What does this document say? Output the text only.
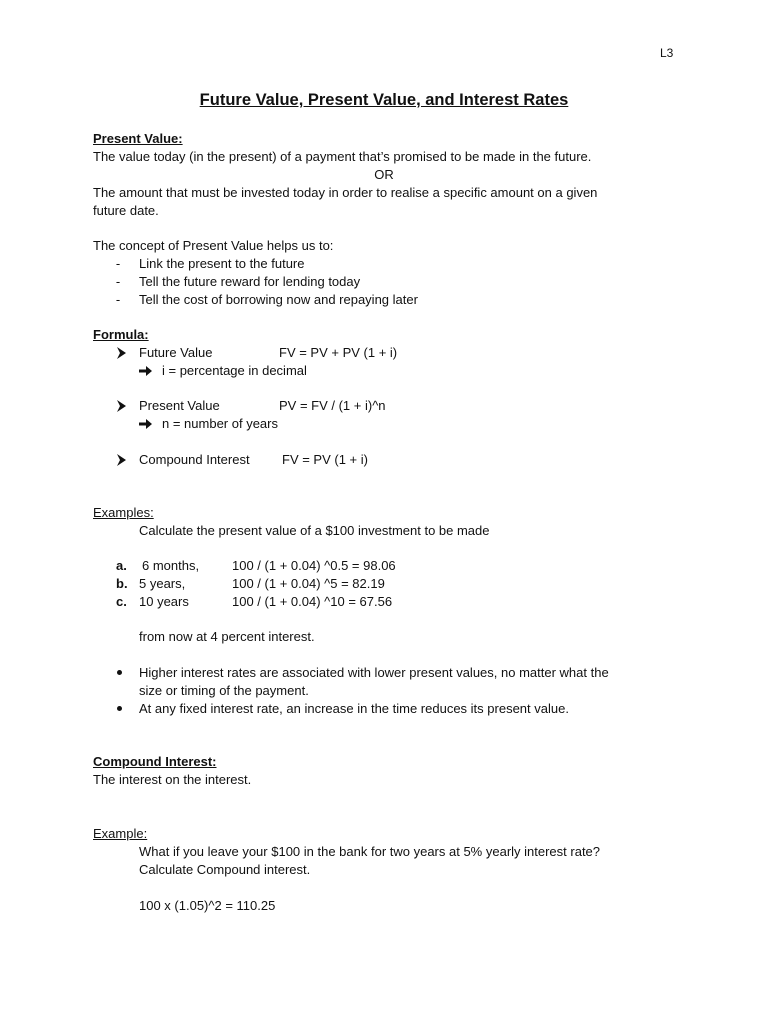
L3
Future Value, Present Value, and Interest Rates
Present Value:
The value today (in the present) of a payment that’s promised to be made in the future.
OR
The amount that must be invested today in order to realise a specific amount on a given
future date.
The concept of Present Value helps us to:
-	Link the present to the future
-	Tell the future reward for lending today
-	Tell the cost of borrowing now and repaying later
Formula:
Future Value	FV = PV + PV (1 + i)
i = percentage in decimal
Present Value	PV = FV / (1 + i)^n
n = number of years
Compound Interest FV = PV (1 + i)
Examples:
Calculate the present value of a $100 investment to be made
a. 6 months,	100 / (1 + 0.04) ^0.5 = 98.06
b. 5 years,	100 / (1 + 0.04) ^5 = 82.19
c. 10 years	100 / (1 + 0.04) ^10 = 67.56
from now at 4 percent interest.
Higher interest rates are associated with lower present values, no matter what the
size or timing of the payment.
At any fixed interest rate, an increase in the time reduces its present value.
Compound Interest:
The interest on the interest.
Example:
What if you leave your $100 in the bank for two years at 5% yearly interest rate?
Calculate Compound interest.
100 x (1.05)^2 = 110.25
